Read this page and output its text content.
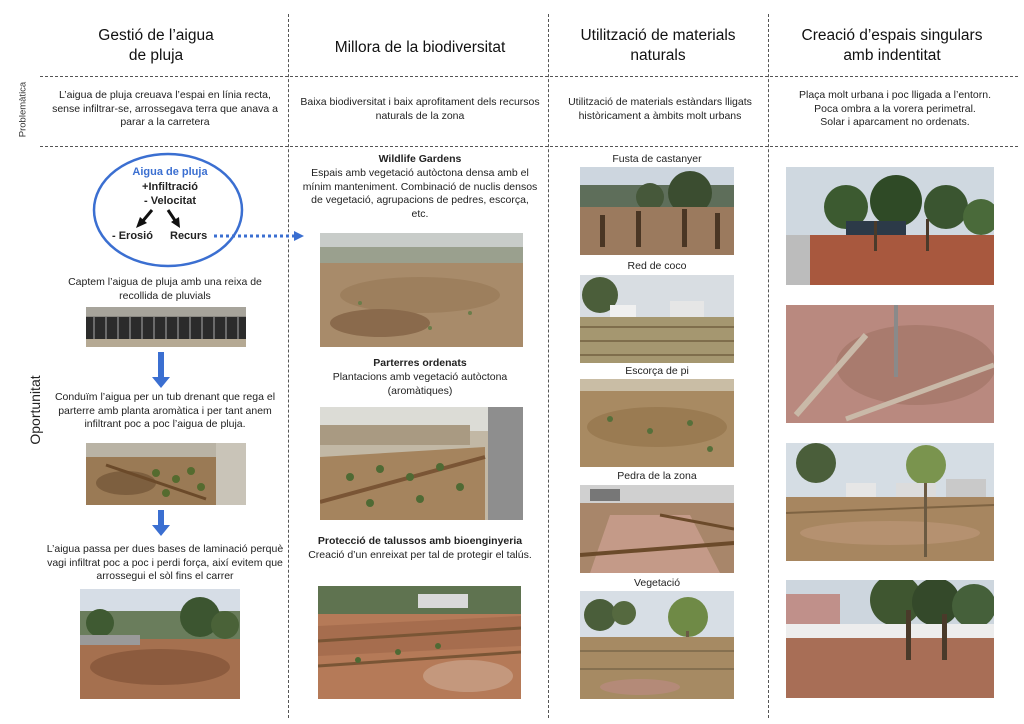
Problemàtica
Oportunitat
Gestió de l’aigua
de pluja	Millora de la biodiversitat
Utilització de materials
naturals
Creació d’espais singulars
amb indentitat
L’aigua de pluja creuava l’espai en línia recta, sense infiltrar-se, arrossegava terra que anava a parar a la carretera
Baixa biodiversitat i baix aprofitament dels recursos naturals de la zona
Utilització de materials estàndars lligats històricament a àmbits molt urbans
Plaça molt urbana i poc lligada a l’entorn.
Poca ombra a la vorera perimetral.
Solar i aparcament no ordenats.
Aigua de pluja
+Infiltració
- Velocitat
- Erosió Recurs
Captem l’aigua de pluja amb una reixa de recollida de pluvials
Conduïm l’aigua per un tub drenant que rega el parterre amb planta aromàtica i per tant anem infiltrant poc a poc l’aigua de pluja.
L’aigua passa per dues bases de laminació perquè vagi infiltrat poc a poc i perdi força, així evitem que arrossegui el sòl fins el carrer
Wildlife Gardens
Espais amb vegetació autòctona densa amb el mínim manteniment. Combinació de nuclis densos de vegetació, agrupacions de pedres, escorça, etc.
Parterres ordenats
Plantacions amb vegetació autòctona (aromàtiques)
Protecció de talussos amb bioenginyeria
Creació d’un enreixat per tal de protegir el talús.
Fusta de castanyer
Red de coco
Escorça de pi
Pedra de la zona
Vegetació
